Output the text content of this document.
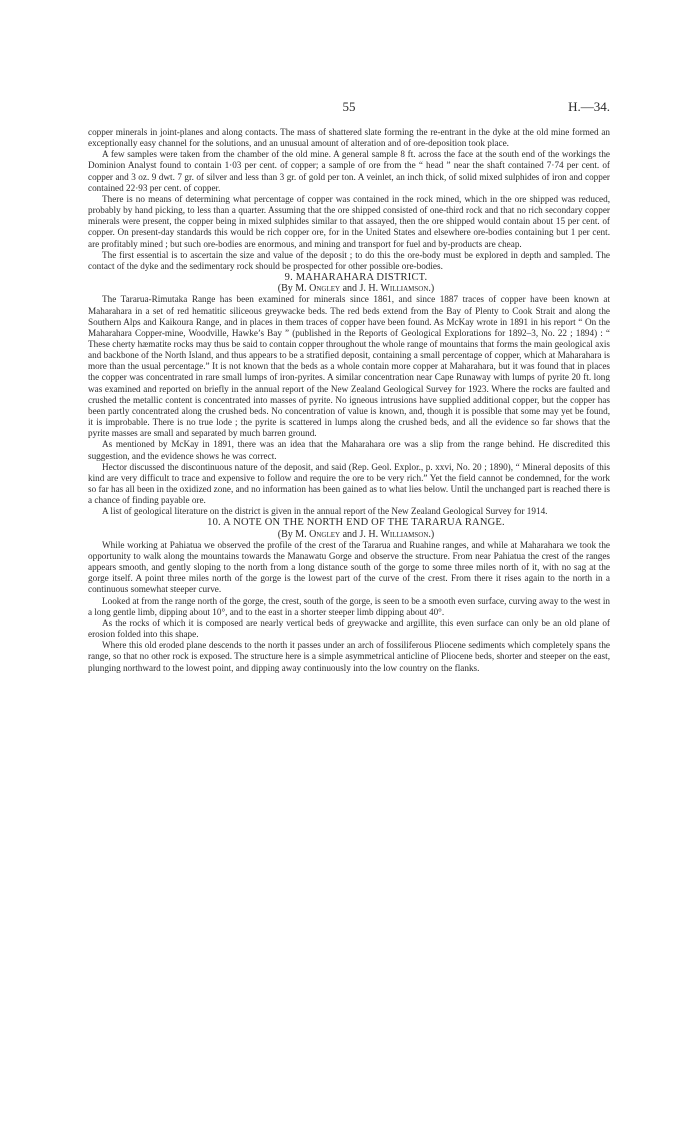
55	H.—34.

copper minerals in joint-planes and along contacts. The mass of shattered slate forming the re-entrant in the dyke at the old mine formed an exceptionally easy channel for the solutions, and an unusual amount of alteration and of ore-deposition took place.

A few samples were taken from the chamber of the old mine. A general sample 8 ft. across the face at the south end of the workings the Dominion Analyst found to contain 1·03 per cent. of copper; a sample of ore from the “ head ” near the shaft contained 7·74 per cent. of copper and 3 oz. 9 dwt. 7 gr. of silver and less than 3 gr. of gold per ton. A veinlet, an inch thick, of solid mixed sulphides of iron and copper contained 22·93 per cent. of copper.

There is no means of determining what percentage of copper was contained in the rock mined, which in the ore shipped was reduced, probably by hand picking, to less than a quarter. Assuming that the ore shipped consisted of one-third rock and that no rich secondary copper minerals were present, the copper being in mixed sulphides similar to that assayed, then the ore shipped would contain about 15 per cent. of copper. On present-day standards this would be rich copper ore, for in the United States and elsewhere ore-bodies containing but 1 per cent. are profitably mined ; but such ore-bodies are enormous, and mining and transport for fuel and by-products are cheap.

The first essential is to ascertain the size and value of the deposit ; to do this the ore-body must be explored in depth and sampled. The contact of the dyke and the sedimentary rock should be prospected for other possible ore-bodies.

9. MAHARAHARA DISTRICT.

(By M. Ongley and J. H. Williamson.)

The Tararua-Rimutaka Range has been examined for minerals since 1861, and since 1887 traces of copper have been known at Maharahara in a set of red hematitic siliceous greywacke beds. The red beds extend from the Bay of Plenty to Cook Strait and along the Southern Alps and Kaikoura Range, and in places in them traces of copper have been found. As McKay wrote in 1891 in his report “ On the Maharahara Copper-mine, Woodville, Hawke’s Bay ” (published in the Reports of Geological Explorations for 1892–3, No. 22 ; 1894) : “ These cherty hæmatite rocks may thus be said to contain copper throughout the whole range of mountains that forms the main geological axis and backbone of the North Island, and thus appears to be a stratified deposit, containing a small percentage of copper, which at Maharahara is more than the usual percentage.” It is not known that the beds as a whole contain more copper at Maharahara, but it was found that in places the copper was concentrated in rare small lumps of iron-pyrites. A similar concentration near Cape Runaway with lumps of pyrite 20 ft. long was examined and reported on briefly in the annual report of the New Zealand Geological Survey for 1923. Where the rocks are faulted and crushed the metallic content is concentrated into masses of pyrite. No igneous intrusions have supplied additional copper, but the copper has been partly concentrated along the crushed beds. No concentration of value is known, and, though it is possible that some may yet be found, it is improbable. There is no true lode ; the pyrite is scattered in lumps along the crushed beds, and all the evidence so far shows that the pyrite masses are small and separated by much barren ground.

As mentioned by McKay in 1891, there was an idea that the Maharahara ore was a slip from the range behind. He discredited this suggestion, and the evidence shows he was correct.

Hector discussed the discontinuous nature of the deposit, and said (Rep. Geol. Explor., p. xxvi, No. 20 ; 1890), “ Mineral deposits of this kind are very difficult to trace and expensive to follow and require the ore to be very rich.” Yet the field cannot be condemned, for the work so far has all been in the oxidized zone, and no information has been gained as to what lies below. Until the unchanged part is reached there is a chance of finding payable ore.

A list of geological literature on the district is given in the annual report of the New Zealand Geological Survey for 1914.

10. A NOTE ON THE NORTH END OF THE TARARUA RANGE.

(By M. Ongley and J. H. Williamson.)

While working at Pahiatua we observed the profile of the crest of the Tararua and Ruahine ranges, and while at Maharahara we took the opportunity to walk along the mountains towards the Manawatu Gorge and observe the structure. From near Pahiatua the crest of the ranges appears smooth, and gently sloping to the north from a long distance south of the gorge to some three miles north of it, with no sag at the gorge itself. A point three miles north of the gorge is the lowest part of the curve of the crest. From there it rises again to the north in a continuous somewhat steeper curve.

Looked at from the range north of the gorge, the crest, south of the gorge, is seen to be a smooth even surface, curving away to the west in a long gentle limb, dipping about 10°, and to the east in a shorter steeper limb dipping about 40°.

As the rocks of which it is composed are nearly vertical beds of greywacke and argillite, this even surface can only be an old plane of erosion folded into this shape.

Where this old eroded plane descends to the north it passes under an arch of fossiliferous Pliocene sediments which completely spans the range, so that no other rock is exposed. The structure here is a simple asymmetrical anticline of Pliocene beds, shorter and steeper on the east, plunging northward to the lowest point, and dipping away continuously into the low country on the flanks.
